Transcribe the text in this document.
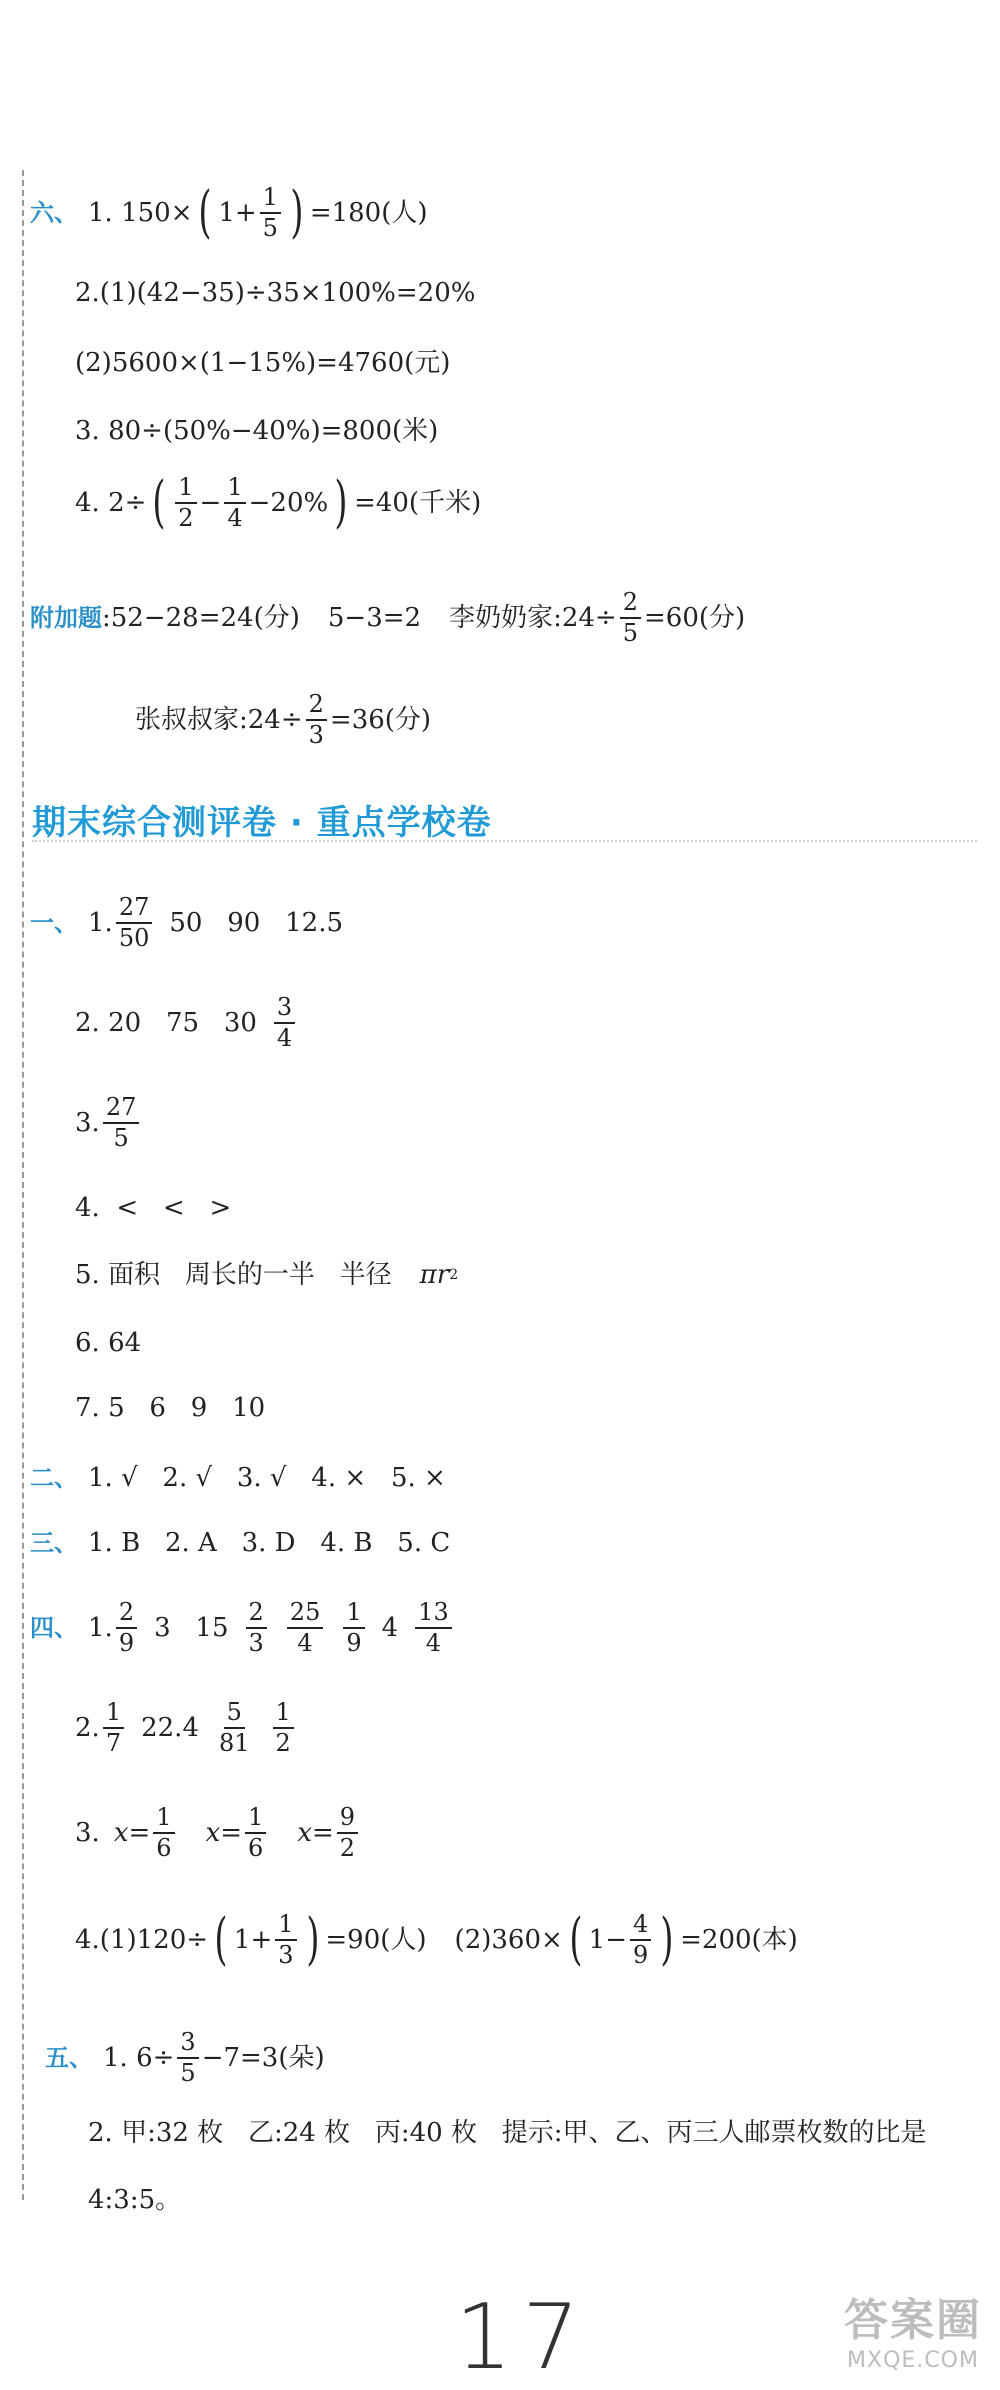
六、 1. 150× ( $1+ \frac{1}{5}$ ) =180(人)
2.(1)(42−35)÷35×100%=20%
(2)5600×(1−15%)=4760(元)
3. 80÷(50%−40%)=800(米)
4. 2÷ ( $\frac{1}{2} - \frac{1}{4} -20\%$ ) =40(千米)
附加题 :52−28=24(分) 5−3=2 李奶奶家:24÷ $\frac{2}{5} =60$(分)
张叔叔家:24÷ $\frac{2}{3} =36$(分)
期末综合测评卷 · 重点学校卷
一、 1. $\frac{27}{50} 50$   90   12.5
2. 20   75   $30 \frac{3}{4}$
3. $\frac{27}{5}$
4.  <   <   >
5. 面积   周长的一半   半径 πr 2
6. 64
7. 5   6   9   10
二、 1. √   2. √   3. √   4. ×   5. ×
三、 1. B   2. A   3. D   4. B   5. C
四、 1. $\frac{2}{9} 3$   $15 \frac{2}{3} \frac{25}{4} \frac{1}{9} 4 \frac{13}{4}$
2. $\frac{1}{7} 22.4 \frac{5}{81} \frac{1}{2}$
3. $x = \frac{1}{6}$ $x = \frac{1}{6}$ $x = \frac{9}{2}$
4.(1)120÷ ( $1+ \frac{1}{3}$ ) =90(人) (2)360× ( $1- \frac{4}{9}$ ) =200(本)
五、 1. $6\div \frac{3}{5} -7=3$(朵)
2. 甲:32 枚   乙:24 枚   丙:40 枚   提示:甲、乙、丙三人邮票枚数的比是
4:3:5。
17	答案圈
MXQE.COM
